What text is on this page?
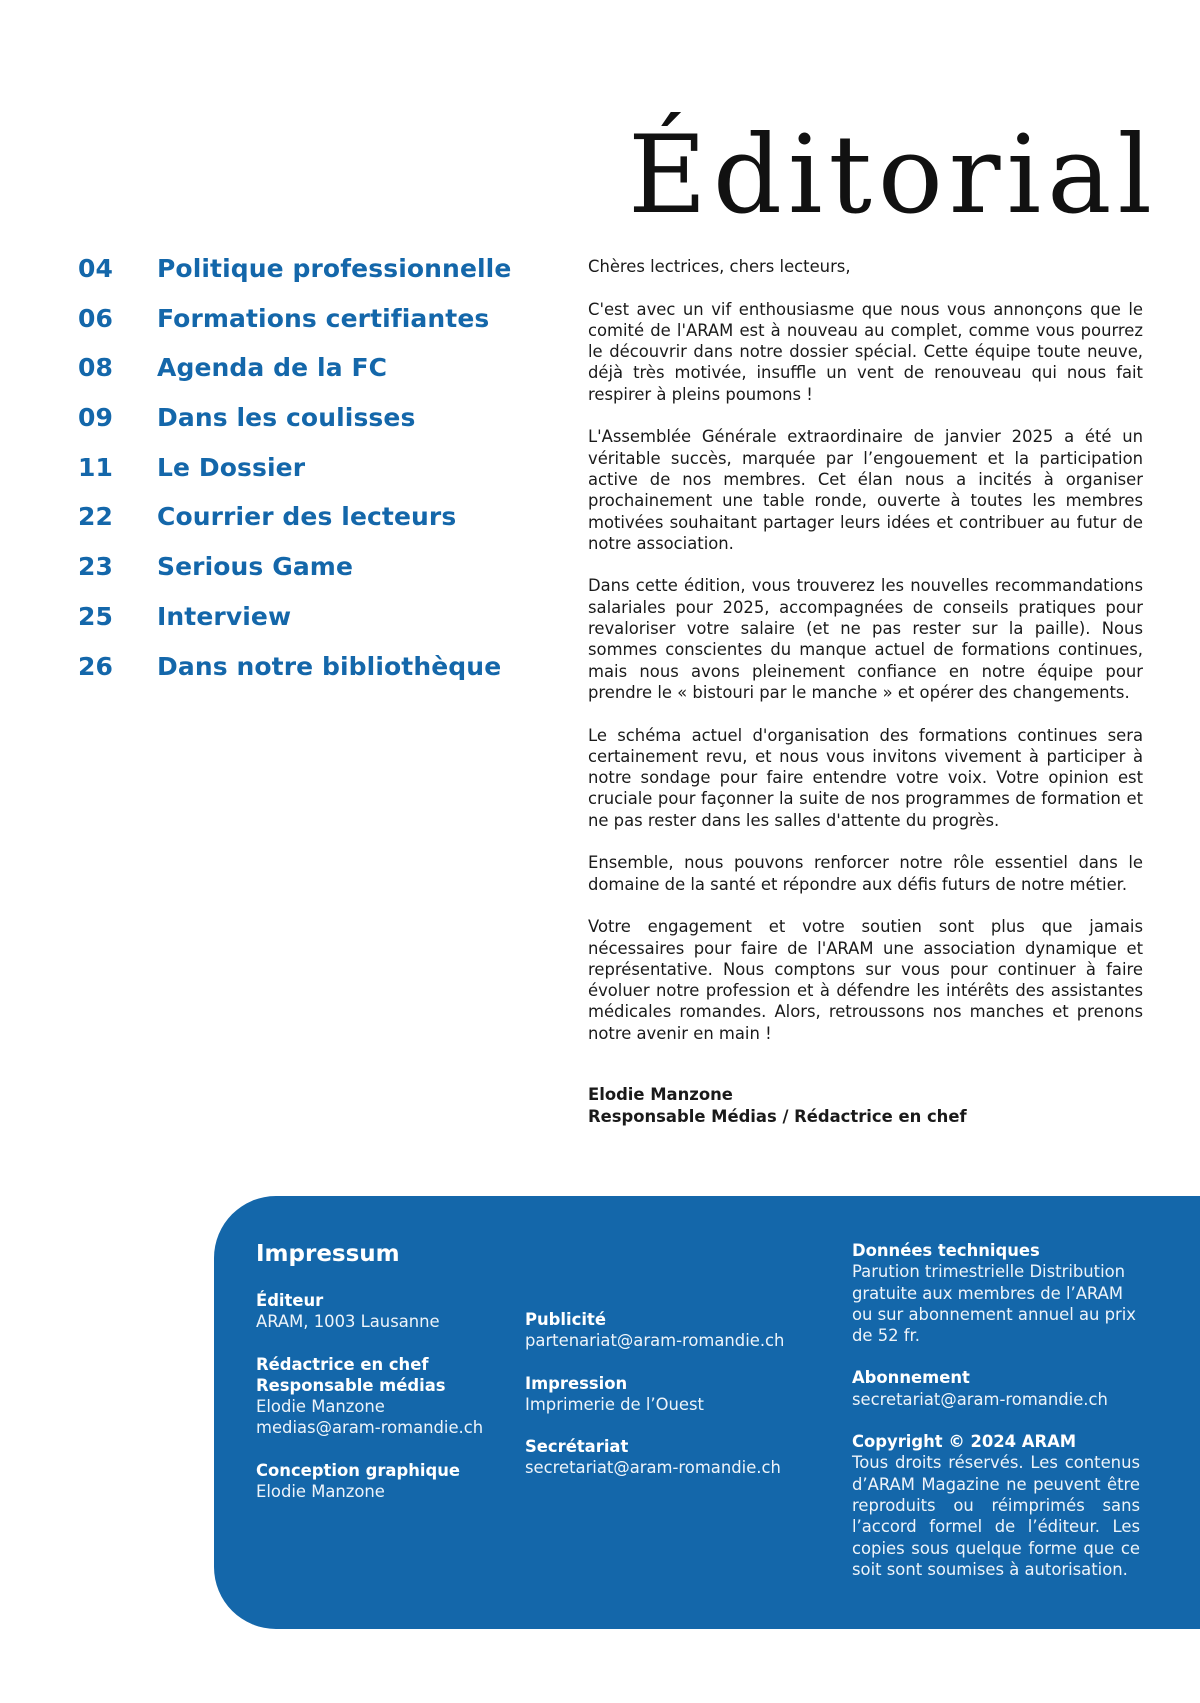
Éditorial
04	Politique professionnelle
06	Formations certifiantes
08	Agenda de la FC
09	Dans les coulisses
11	Le Dossier
22	Courrier des lecteurs
23	Serious Game
25	Interview
26	Dans notre bibliothèque

Chères lectrices, chers lecteurs,

C'est avec un vif enthousiasme que nous vous annonçons que le comité de l'ARAM est à nouveau au complet, comme vous pourrez le découvrir dans notre dossier spécial. Cette équipe toute neuve, déjà très motivée, insuffle un vent de renouveau qui nous fait respirer à pleins poumons !

L'Assemblée Générale extraordinaire de janvier 2025 a été un véritable succès, marquée par l’engouement et la participation active de nos membres. Cet élan nous a incités à organiser prochainement une table ronde, ouverte à toutes les membres motivées souhaitant partager leurs idées et contribuer au futur de notre association.

Dans cette édition, vous trouverez les nouvelles recommandations salariales pour 2025, accompagnées de conseils pratiques pour revaloriser votre salaire (et ne pas rester sur la paille). Nous sommes conscientes du manque actuel de formations continues, mais nous avons pleinement confiance en notre équipe pour prendre le « bistouri par le manche » et opérer des changements.

Le schéma actuel d'organisation des formations continues sera certainement revu, et nous vous invitons vivement à participer à notre sondage pour faire entendre votre voix. Votre opinion est cruciale pour façonner la suite de nos programmes de formation et ne pas rester dans les salles d'attente du progrès.

Ensemble, nous pouvons renforcer notre rôle essentiel dans le domaine de la santé et répondre aux défis futurs de notre métier.

Votre engagement et votre soutien sont plus que jamais nécessaires pour faire de l'ARAM une association dynamique et représentative. Nous comptons sur vous pour continuer à faire évoluer notre profession et à défendre les intérêts des assistantes médicales romandes. Alors, retroussons nos manches et prenons notre avenir en main !

Elodie Manzone
Responsable Médias / Rédactrice en chef
Impressum
Éditeur
ARAM, 1003 Lausanne
Rédactrice en chef
Responsable médias
Elodie Manzone
medias@aram-romandie.ch
Conception graphique
Elodie Manzone
Publicité
partenariat@aram-romandie.ch
Impression
Imprimerie de l’Ouest
Secrétariat
secretariat@aram-romandie.ch
Données techniques
Parution trimestrielle Distribution gratuite aux membres de l’ARAM ou sur abonnement annuel au prix de 52 fr.
Abonnement
secretariat@aram-romandie.ch
Copyright © 2024 ARAM
Tous droits réservés. Les contenus d’ARAM Magazine ne peuvent être reproduits ou réimprimés sans l’accord formel de l’éditeur. Les copies sous quelque forme que ce soit sont soumises à autorisation.
